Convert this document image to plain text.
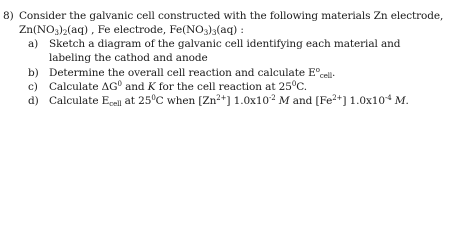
8) Consider the galvanic cell constructed with the following materials Zn electrode,
$Zn(NO_3)_2(aq)$ , Fe electrode, $Fe(NO_3)_3(aq)$ :
a) Sketch a diagram of the galvanic cell identifying each material and
labeling the cathod and anode
b) Determine the overall cell reaction and calculate $E^o_{cell}$.
c) Calculate $\Delta G^0$ and K for the cell reaction at $25^0C$.
d) Calculate $E_{cell}$ at $25^0C$ when $[Zn^{2+}]$ $1.0x10^{-2}$ M and $[Fe^{2+}]$ $1.0x10^{-4}$ M.
